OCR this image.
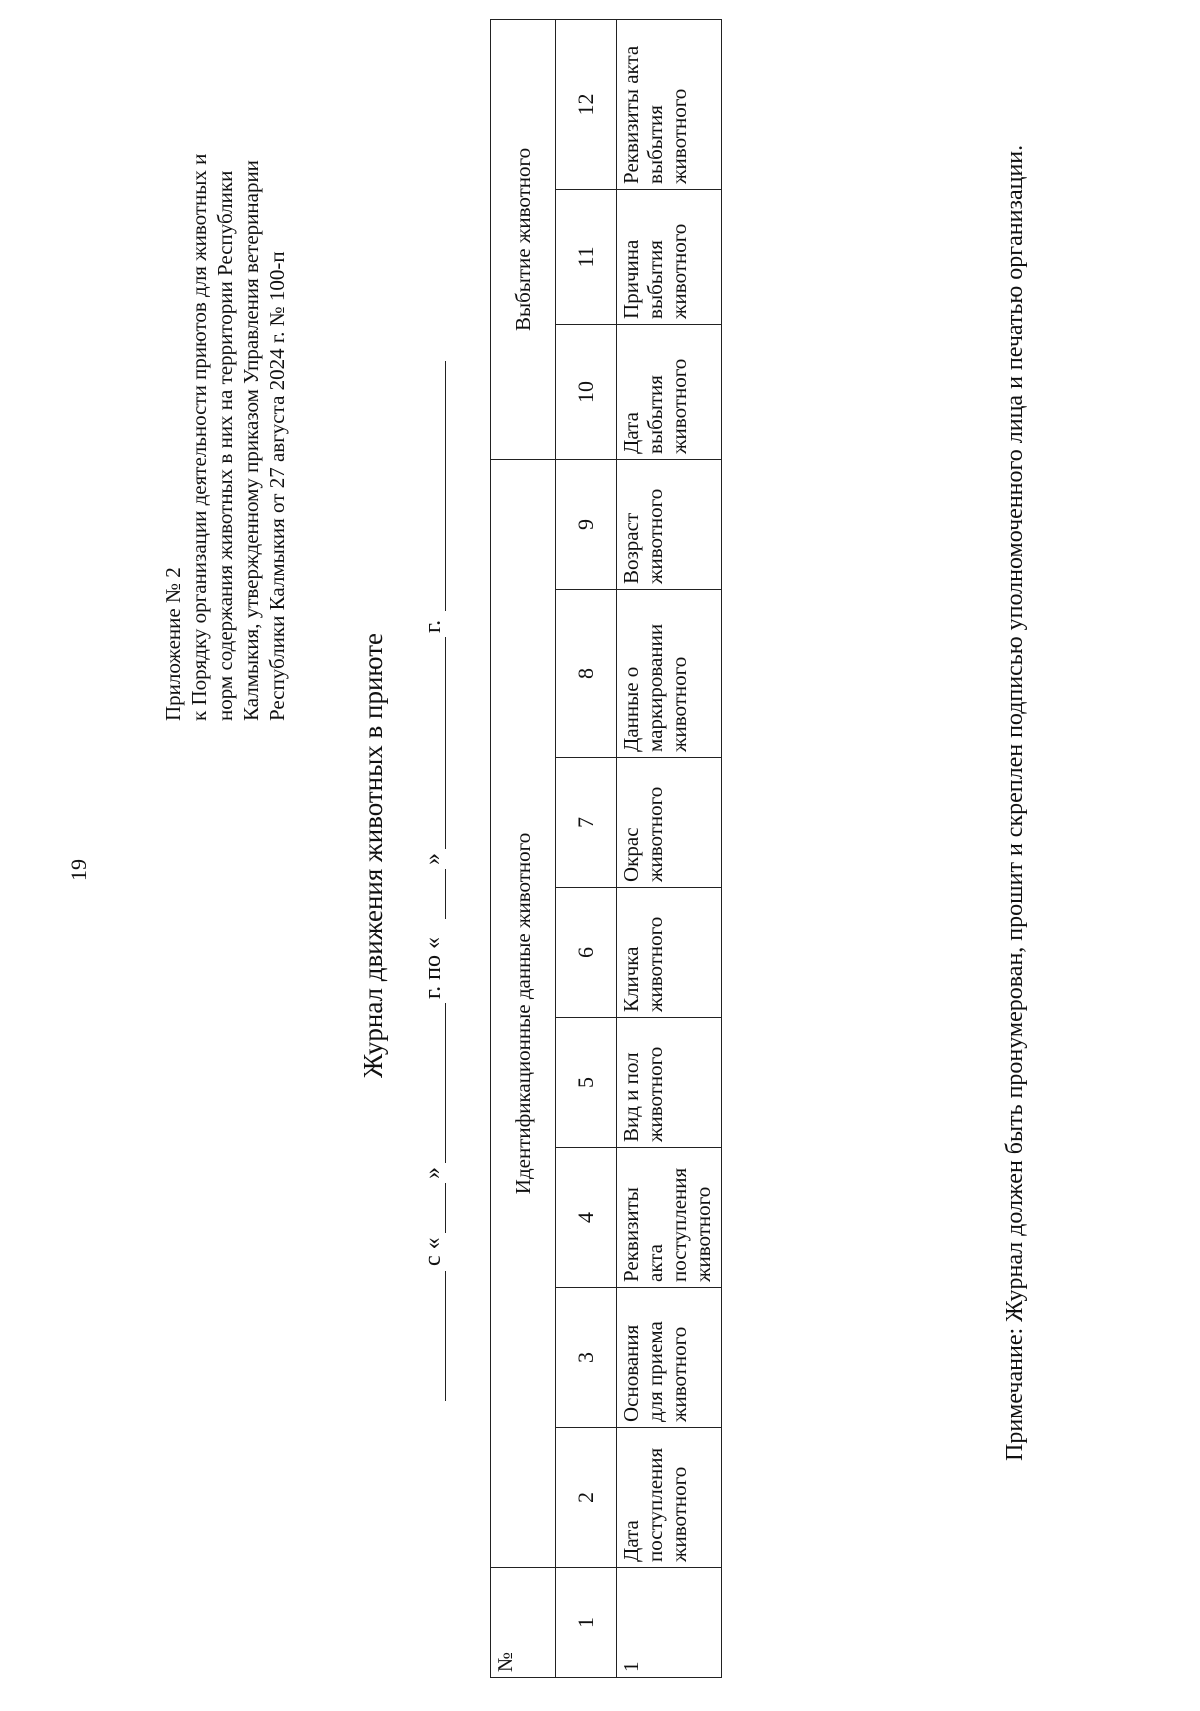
19
Приложение № 2 к Порядку организации деятельности приютов для животных и норм содержания животных в них на территории Республики Калмыкия, утвержденному приказом Управления ветеринарии Республики Калмыкия от 27 августа 2024 г. № 100-п
Журнал движения животных в приюте
с «
»
г. по «
»
г.
№	Идентификационные данные животного								Выбытие животного		
1	2	3	4	5	6	7	8	9	10	11	12
1	Дата поступления животного	Основания для приема животного	Реквизиты акта поступления животного	Вид и пол животного	Кличка животного	Окрас животного	Данные о маркировании животного	Возраст животного	Дата выбытия животного	Причина выбытия животного	Реквизиты акта выбытия животного
Примечание: Журнал должен быть пронумерован, прошит и скреплен подписью уполномоченного лица и печатью организации.
